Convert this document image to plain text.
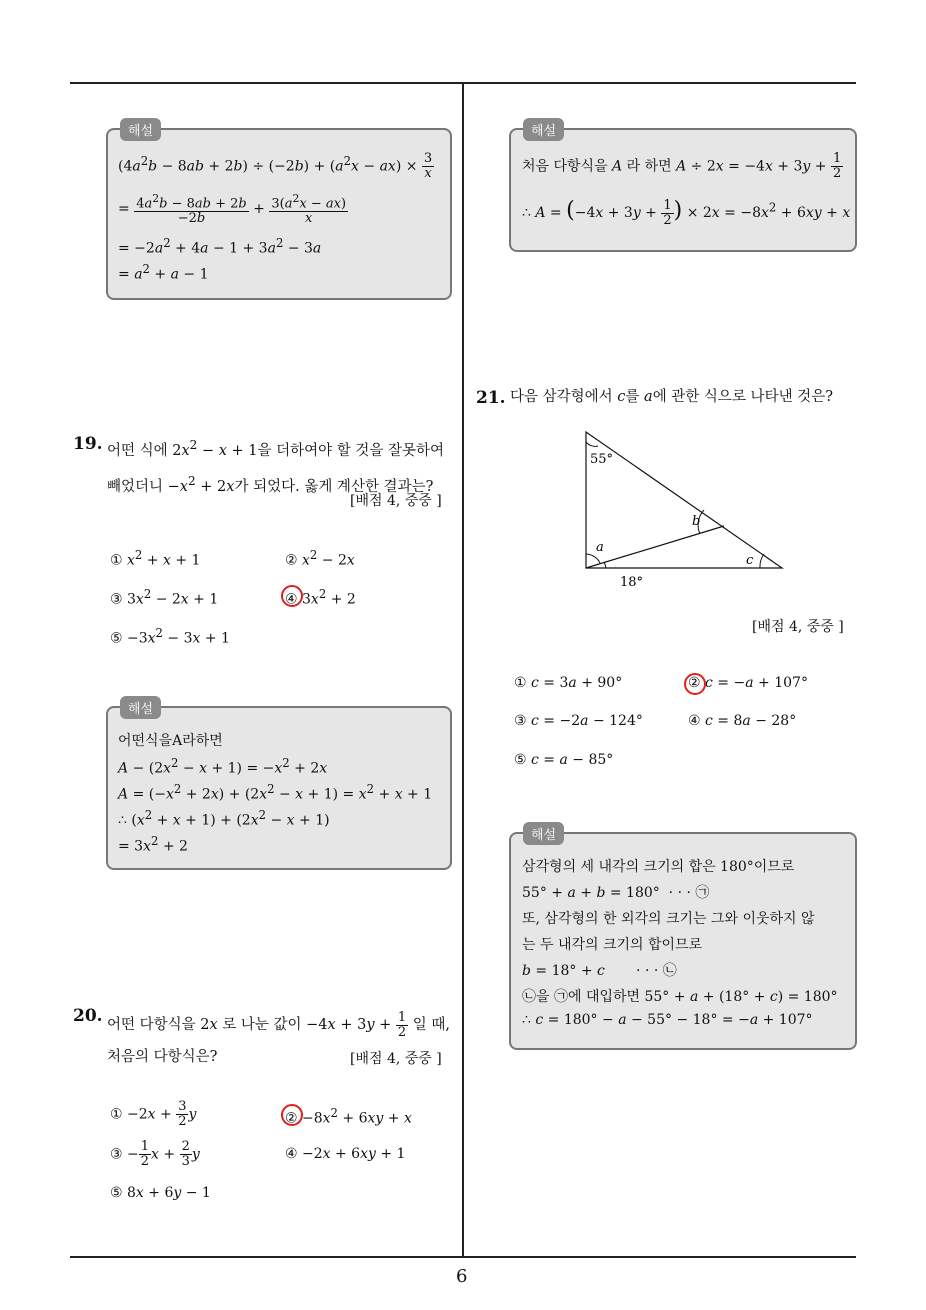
6
해설
$(4a^2b - 8ab + 2b) \div (-2b) + (a^2x - ax) \times \frac{3}{x}$
= $\frac{4a^2b - 8ab + 2b}{-2b} + \frac{3(a^2x - ax)}{x}$
= $-2a^2 + 4a - 1 + 3a^2 - 3a$
= $a^2 + a - 1$
19. 어떤 식에 $2x^2 - x + 1$을 더하여야 할 것을 잘못하여
빼었더니 $-x^2 + 2x$가 되었다. 옳게 계산한 결과는?
[배점 4, 중중 ]
① $x^2 + x + 1$	② $x^2 - 2x$
③ $3x^2 - 2x + 1$	④ $3x^2 + 2$
⑤ $-3x^2 - 3x + 1$
해설
어떤식을A라하면
$A - (2x^2 - x + 1) = -x^2 + 2x$
$A = (-x^2 + 2x) + (2x^2 - x + 1) = x^2 + x + 1$
∴ $(x^2 + x + 1) + (2x^2 - x + 1)$
= $3x^2 + 2$
20. 어떤 다항식을 2x 로 나눈 값이 $-4x + 3y + \frac{1}{2}$ 일 때,
처음의 다항식은?	[배점 4, 중중 ]
① $-2x + \frac{3}{2}$ y	② $-8x^2 + 6xy + x$
③ − $\frac{1}{2}$ $x + \frac{2}{3}$ y	④ −2x + 6xy + 1
⑤ 8x + 6y − 1
해설
처음 다항식을 A 라 하면 $A \div 2x = -4x + 3y + \frac{1}{2}$
∴ $A = (-4x + 3y + \frac{1}{2}$ ) × $2x = -8x^2 + 6xy + x$
21. 다음 삼각형에서 c를 a에 관한 식으로 나타낸 것은?
55°
b
a
c
18°
[배점 4, 중중 ]
① c = 3a + 90°	② c = −a + 107°
③ c = −2a − 124°	④ c = 8a − 28°
⑤ c = a − 85°
해설
삼각형의 세 내각의 크기의 합은 180°이므로
55° + a + b = 180°  · · · ㉠
또, 삼각형의 한 외각의 크기는 그와 이웃하지 않
는 두 내각의 크기의 합이므로
b = 18° + c       · · · ㉡
㉡을 ㉠에 대입하면 55° + a + (18° + c) = 180°
∴ c = 180° − a − 55° − 18° = −a + 107°
